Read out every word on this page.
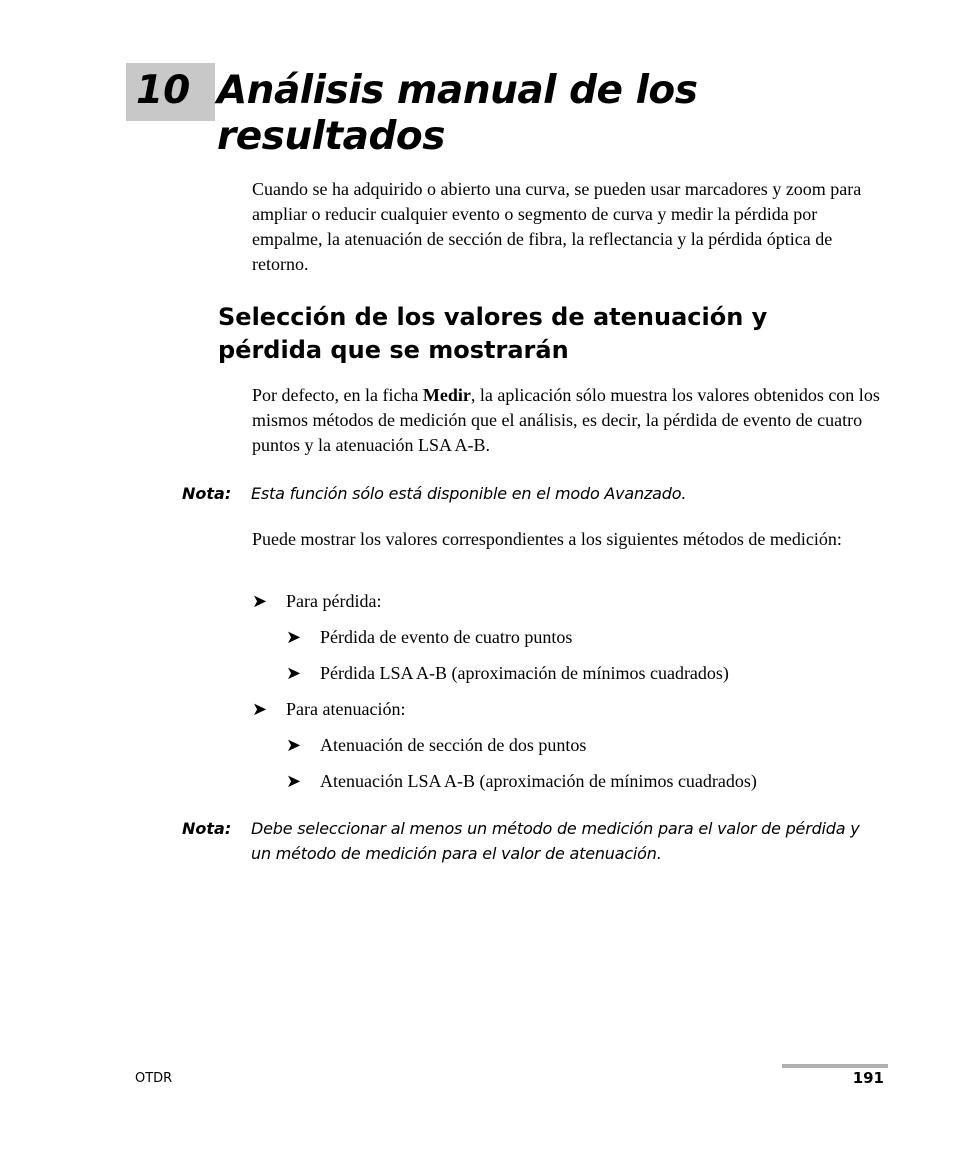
10 Análisis manual de los resultados

Cuando se ha adquirido o abierto una curva, se pueden usar marcadores y zoom para ampliar o reducir cualquier evento o segmento de curva y medir la pérdida por empalme, la atenuación de sección de fibra, la reflectancia y la pérdida óptica de retorno.

Selección de los valores de atenuación y pérdida que se mostrarán

Por defecto, en la ficha Medir, la aplicación sólo muestra los valores obtenidos con los mismos métodos de medición que el análisis, es decir, la pérdida de evento de cuatro puntos y la atenuación LSA A-B.

Nota: Esta función sólo está disponible en el modo Avanzado.

Puede mostrar los valores correspondientes a los siguientes métodos de medición:

➤	Para pérdida:
➤	Pérdida de evento de cuatro puntos
➤	Pérdida LSA A-B (aproximación de mínimos cuadrados)
➤	Para atenuación:
➤	Atenuación de sección de dos puntos
➤	Atenuación LSA A-B (aproximación de mínimos cuadrados)
Nota: Debe seleccionar al menos un método de medición para el valor de pérdida y un método de medición para el valor de atenuación.

OTDR	191
